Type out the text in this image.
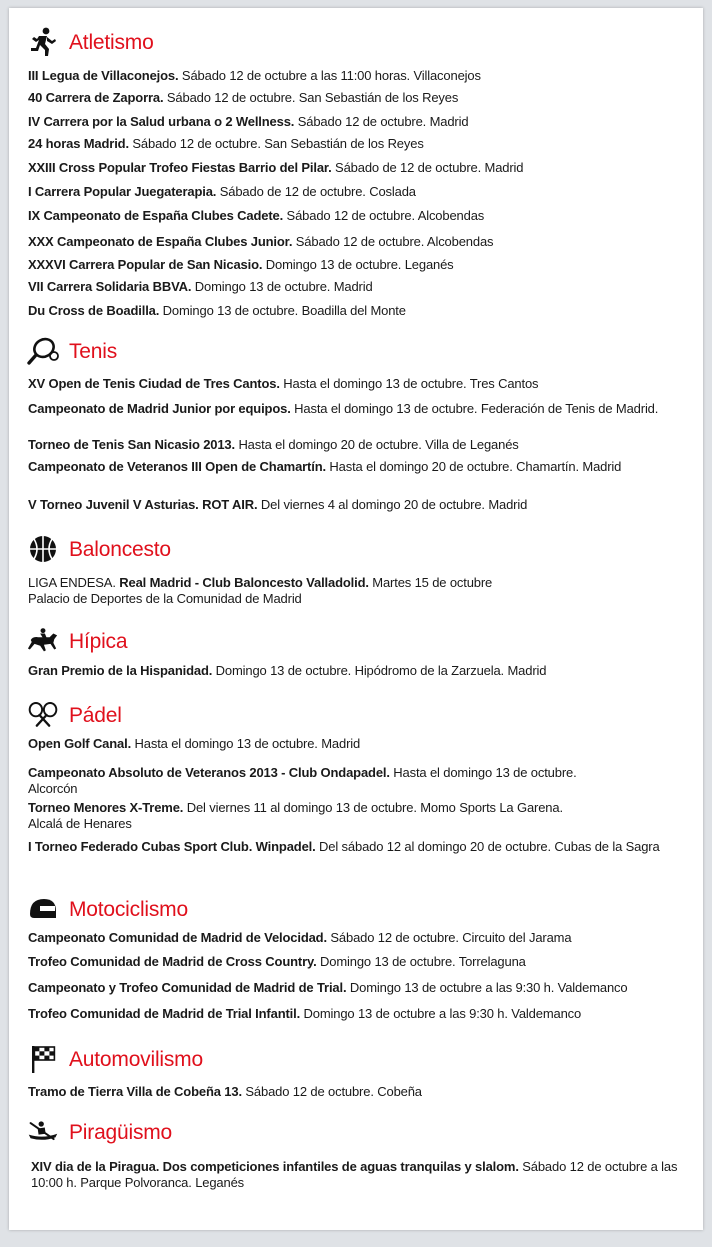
Atletismo
III Legua de Villaconejos. Sábado 12 de octubre a las 11:00 horas. Villaconejos
40 Carrera de Zaporra. Sábado 12 de octubre. San Sebastián de los Reyes
IV Carrera por la Salud urbana o 2 Wellness. Sábado 12 de octubre. Madrid
24 horas Madrid. Sábado 12 de octubre. San Sebastián de los Reyes
XXIII Cross Popular Trofeo Fiestas Barrio del Pilar. Sábado de 12 de octubre. Madrid
I Carrera Popular Juegaterapia. Sábado de 12 de octubre. Coslada
IX Campeonato de España Clubes Cadete. Sábado 12 de octubre. Alcobendas
XXX Campeonato de España Clubes Junior. Sábado 12 de octubre. Alcobendas
XXXVI Carrera Popular de San Nicasio. Domingo 13 de octubre. Leganés
VII Carrera Solidaria BBVA. Domingo 13 de octubre. Madrid
Du Cross de Boadilla. Domingo 13 de octubre. Boadilla del Monte
Tenis
XV Open de Tenis Ciudad de Tres Cantos. Hasta el domingo 13 de octubre. Tres Cantos
Campeonato de Madrid Junior por equipos. Hasta el domingo 13 de octubre. Federación de Tenis de Madrid.
Torneo de Tenis San Nicasio 2013. Hasta el domingo 20 de octubre. Villa de Leganés
Campeonato de Veteranos III Open de Chamartín. Hasta el domingo 20 de octubre. Chamartín. Madrid
V Torneo Juvenil V Asturias. ROT AIR. Del viernes 4 al domingo 20 de octubre. Madrid
Baloncesto
LIGA ENDESA. Real Madrid - Club Baloncesto Valladolid. Martes 15 de octubre
Palacio de Deportes de la Comunidad de Madrid
Hípica
Gran Premio de la Hispanidad. Domingo 13 de octubre. Hipódromo de la Zarzuela. Madrid
Pádel
Open Golf Canal. Hasta el domingo 13 de octubre. Madrid
Campeonato Absoluto de Veteranos 2013 - Club Ondapadel. Hasta el domingo 13 de octubre.
Alcorcón
Torneo Menores X-Treme. Del viernes 11 al domingo 13 de octubre. Momo Sports La Garena.
Alcalá de Henares
I Torneo Federado Cubas Sport Club. Winpadel. Del sábado 12 al domingo 20 de octubre. Cubas de la Sagra
Motociclismo
Campeonato Comunidad de Madrid de Velocidad. Sábado 12 de octubre. Circuito del Jarama
Trofeo Comunidad de Madrid de Cross Country. Domingo 13 de octubre. Torrelaguna
Campeonato y Trofeo Comunidad de Madrid de Trial. Domingo 13 de octubre a las 9:30 h. Valdemanco
Trofeo Comunidad de Madrid de Trial Infantil. Domingo 13 de octubre a las 9:30 h. Valdemanco
Automovilismo
Tramo de Tierra Villa de Cobeña 13. Sábado 12 de octubre. Cobeña
Piragüismo
XIV dia de la Piragua. Dos competiciones infantiles de aguas tranquilas y slalom. Sábado 12 de octubre a las 10:00 h. Parque Polvoranca. Leganés
